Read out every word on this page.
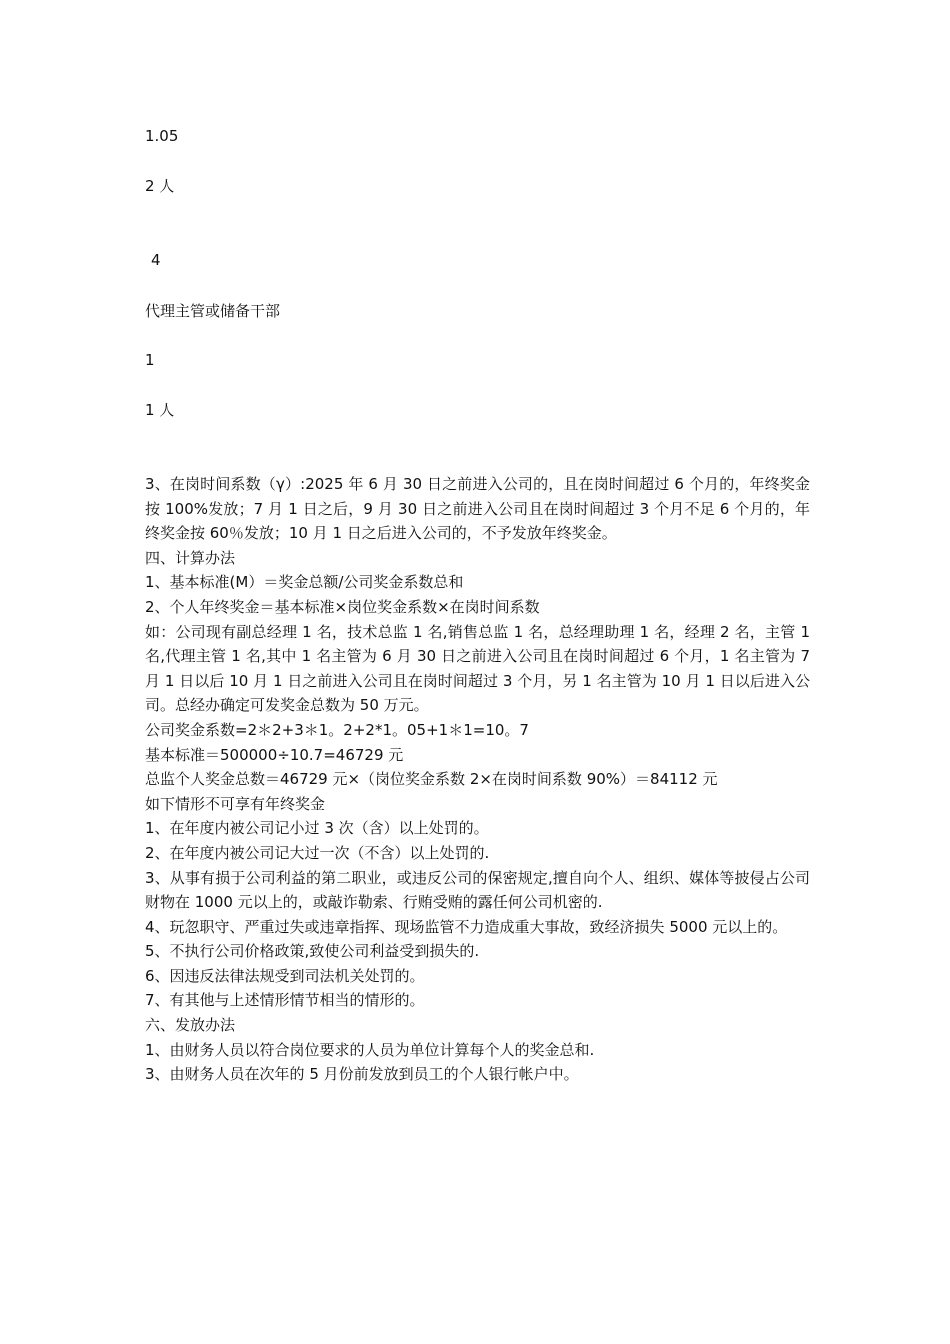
1.05
2 人
4
代理主管或储备干部
1
1 人

3、在岗时间系数（γ）:2025 年 6 月 30 日之前进入公司的，且在岗时间超过 6 个月的，年终奖金按 100%发放；7 月 1 日之后，9 月 30 日之前进入公司且在岗时间超过 3 个月不足 6 个月的，年终奖金按 60％发放；10 月 1 日之后进入公司的，不予发放年终奖金。

四、计算办法

1、基本标准(M）＝奖金总额/公司奖金系数总和

2、个人年终奖金＝基本标准×岗位奖金系数×在岗时间系数

如：公司现有副总经理 1 名，技术总监 1 名,销售总监 1 名，总经理助理 1 名，经理 2 名，主管 1 名,代理主管 1 名,其中 1 名主管为 6 月 30 日之前进入公司且在岗时间超过 6 个月，1 名主管为 7 月 1 日以后 10 月 1 日之前进入公司且在岗时间超过 3 个月，另 1 名主管为 10 月 1 日以后进入公司。总经办确定可发奖金总数为 50 万元。

公司奖金系数=2＊2+3＊1。2+2*1。05+1＊1=10。7

基本标准＝500000÷10.7=46729 元

总监个人奖金总数＝46729 元×（岗位奖金系数 2×在岗时间系数 90%）＝84112 元

如下情形不可享有年终奖金

1、在年度内被公司记小过 3 次（含）以上处罚的。

2、在年度内被公司记大过一次（不含）以上处罚的.

3、从事有损于公司利益的第二职业，或违反公司的保密规定,擅自向个人、组织、媒体等披侵占公司财物在 1000 元以上的，或敲诈勒索、行贿受贿的露任何公司机密的.

4、玩忽职守、严重过失或违章指挥、现场监管不力造成重大事故，致经济损失 5000 元以上的。

5、不执行公司价格政策,致使公司利益受到损失的.

6、因违反法律法规受到司法机关处罚的。

7、有其他与上述情形情节相当的情形的。

六、发放办法

1、由财务人员以符合岗位要求的人员为单位计算每个人的奖金总和.

3、由财务人员在次年的 5 月份前发放到员工的个人银行帐户中。
